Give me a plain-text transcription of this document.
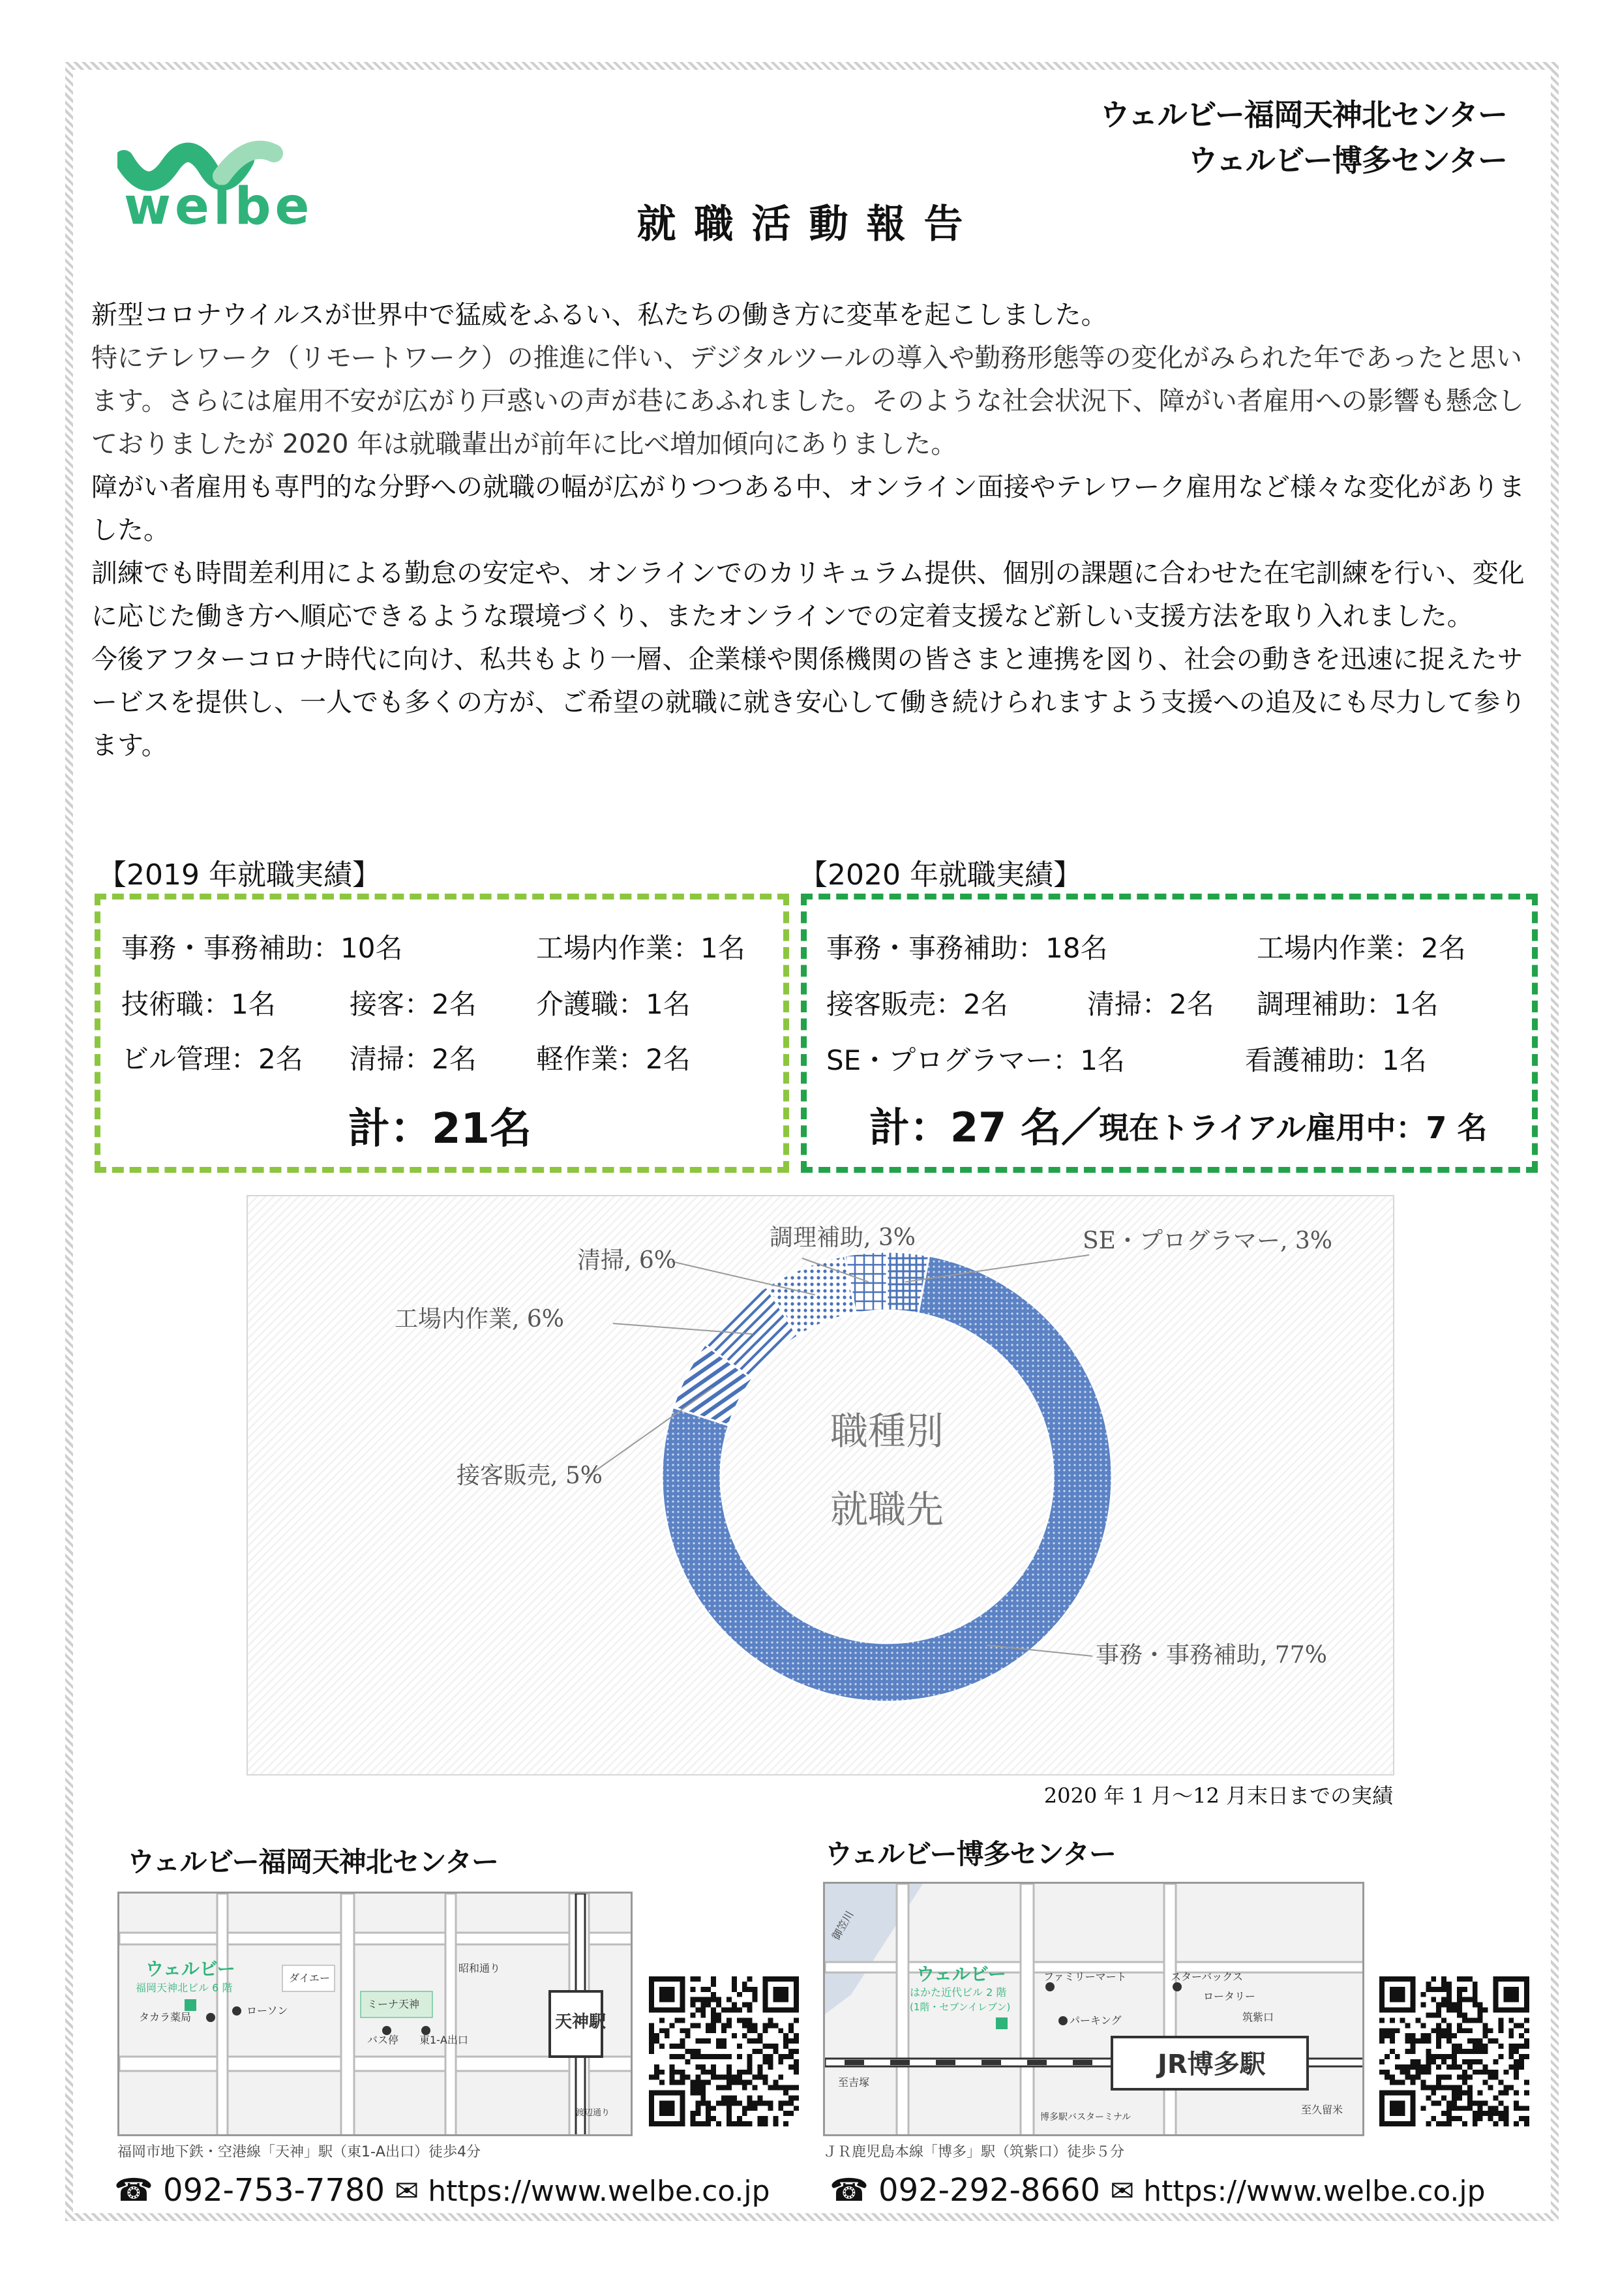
welbe
ウェルビー福岡天神北センター
ウェルビー博多センター
就職活動報告

新型コロナウイルスが世界中で猛威をふるい、私たちの働き方に変革を起こしました。

特にテレワーク（リモートワーク）の推進に伴い、デジタルツールの導入や勤務形態等の変化がみられた年であったと思います。さらには雇用不安が広がり戸惑いの声が巷にあふれました。そのような社会状況下、障がい者雇用への影響も懸念しておりましたが 2020 年は就職輩出が前年に比べ増加傾向にありました。

障がい者雇用も専門的な分野への就職の幅が広がりつつある中、オンライン面接やテレワーク雇用など様々な変化がありました。

訓練でも時間差利用による勤怠の安定や、オンラインでのカリキュラム提供、個別の課題に合わせた在宅訓練を行い、変化に応じた働き方へ順応できるような環境づくり、またオンラインでの定着支援など新しい支援方法を取り入れました。

今後アフターコロナ時代に向け、私共もより一層、企業様や関係機関の皆さまと連携を図り、社会の動きを迅速に捉えたサービスを提供し、一人でも多くの方が、ご希望の就職に就き安心して働き続けられますよう支援への追及にも尽力して参ります。

【2019 年就職実績】	【2020 年就職実績】
事務・事務補助：10名	工場内作業：1名
技術職：1名	接客：2名 介護職：1名
ビル管理：2名 清掃：2名 軽作業：2名
計：21名
事務・事務補助：18名	工場内作業：2名
接客販売：2名	清掃：2名 調理補助：1名
SE・プログラマー：1名	看護補助：1名
計：27 名／
現在トライアル雇用中：7 名
職種別
就職先
事務・事務補助, 77%
接客販売, 5%
工場内作業, 6%
清掃, 6%
調理補助, 3%	SE・プログラマー, 3%
2020 年 1 月～12 月末日までの実績
ウェルビー福岡天神北センター
ウェルビー
福岡天神北ビル 6 階
ダイエー
ローソン
タカラ薬局
ミーナ天神
バス停 東1-A出口
天神駅
昭和通り
渡辺通り
福岡市地下鉄・空港線「天神」駅（東1-A出口）徒歩4分
☎ 092-753-7780 ✉ https://www.welbe.co.jp
ウェルビー博多センター
ウェルビー
はかた近代ビル 2 階
(1階・セブンイレブン)
ファミリーマート	スターバックス
ロータリー
筑紫口
パーキング
JR博多駅
至吉塚
至久留米
博多駅バスターミナル
御笠川
ＪＲ鹿児島本線「博多」駅（筑紫口）徒歩５分
☎ 092-292-8660 ✉ https://www.welbe.co.jp
